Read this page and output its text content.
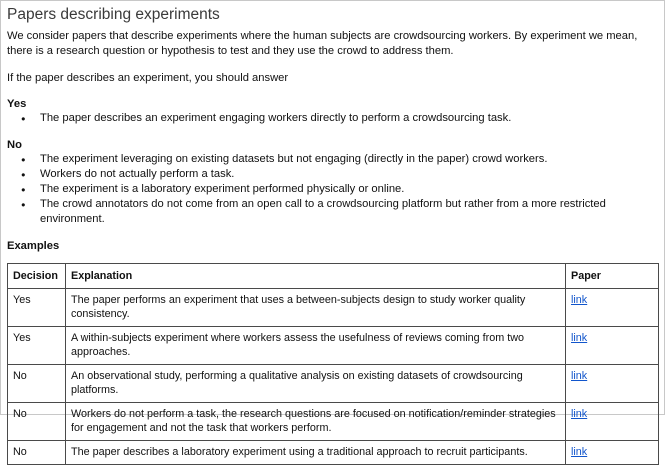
Papers describing experiments

We consider papers that describe experiments where the human subjects are crowdsourcing workers. By experiment we mean, there is a research question or hypothesis to test and they use the crowd to address them.

If the paper describes an experiment, you should answer

Yes
● The paper describes an experiment engaging workers directly to perform a crowdsourcing task.
No
● The experiment leveraging on existing datasets but not engaging (directly in the paper) crowd workers.
● Workers do not actually perform a task.
● The experiment is a laboratory experiment performed physically or online.
● The crowd annotators do not come from an open call to a crowdsourcing platform but rather from a more restricted environment.
Examples
Decision	Explanation	Paper
Yes	The paper performs an experiment that uses a between-subjects design to study worker quality consistency.	link
Yes	A within-subjects experiment where workers assess the usefulness of reviews coming from two approaches.	link
No	An observational study, performing a qualitative analysis on existing datasets of crowdsourcing platforms.	link
No	Workers do not perform a task, the research questions are focused on notification/reminder strategies for engagement and not the task that workers perform.	link
No	The paper describes a laboratory experiment using a traditional approach to recruit participants.	link
